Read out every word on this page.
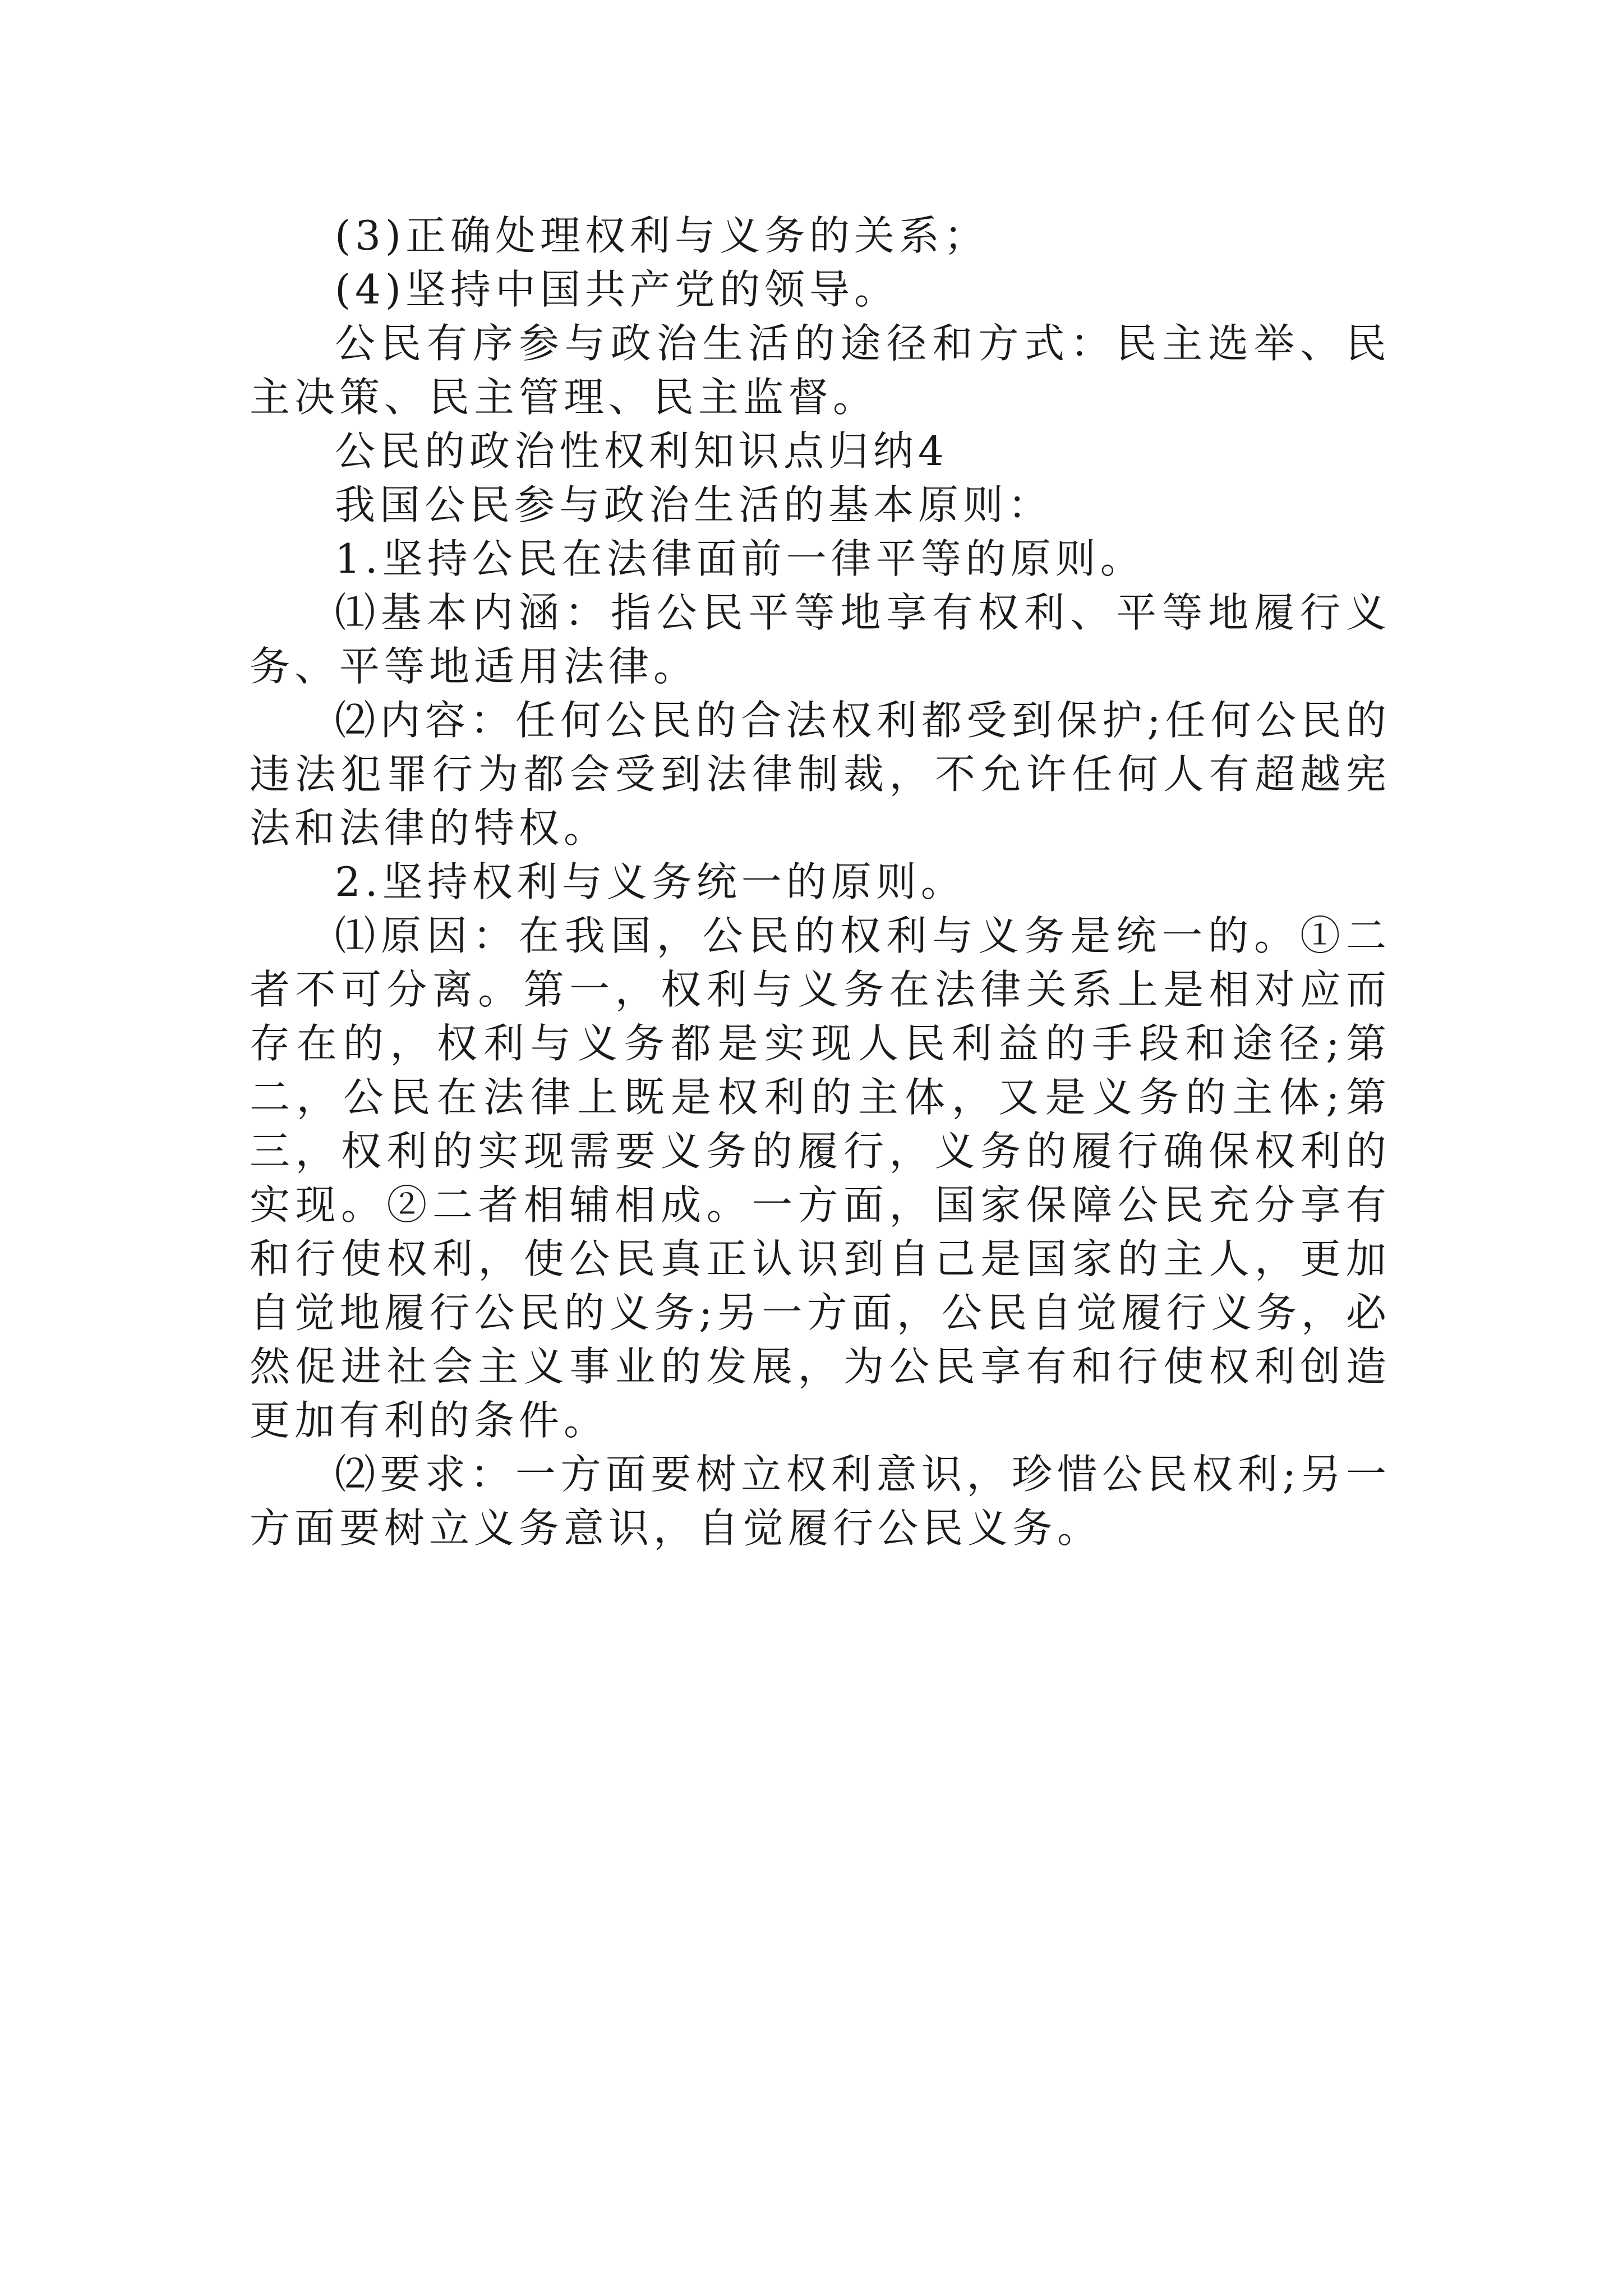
(3)正确处理权利与义务的关系；

(4)坚持中国共产党的领导。

公民有序参与政治生活的途径和方式：民主选举、民主决策、民主管理、民主监督。

公民的政治性权利知识点归纳4

我国公民参与政治生活的基本原则：

1.坚持公民在法律面前一律平等的原则。

⑴基本内涵：指公民平等地享有权利、平等地履行义务、平等地适用法律。

⑵内容：任何公民的合法权利都受到保护;任何公民的违法犯罪行为都会受到法律制裁，不允许任何人有超越宪法和法律的特权。

2.坚持权利与义务统一的原则。

⑴原因：在我国，公民的权利与义务是统一的。①二者不可分离。第一，权利与义务在法律关系上是相对应而存在的，权利与义务都是实现人民利益的手段和途径;第二，公民在法律上既是权利的主体，又是义务的主体;第三，权利的实现需要义务的履行，义务的履行确保权利的实现。②二者相辅相成。一方面，国家保障公民充分享有和行使权利，使公民真正认识到自己是国家的主人，更加自觉地履行公民的义务;另一方面，公民自觉履行义务，必然促进社会主义事业的发展，为公民享有和行使权利创造更加有利的条件。

⑵要求：一方面要树立权利意识，珍惜公民权利;另一方面要树立义务意识，自觉履行公民义务。
